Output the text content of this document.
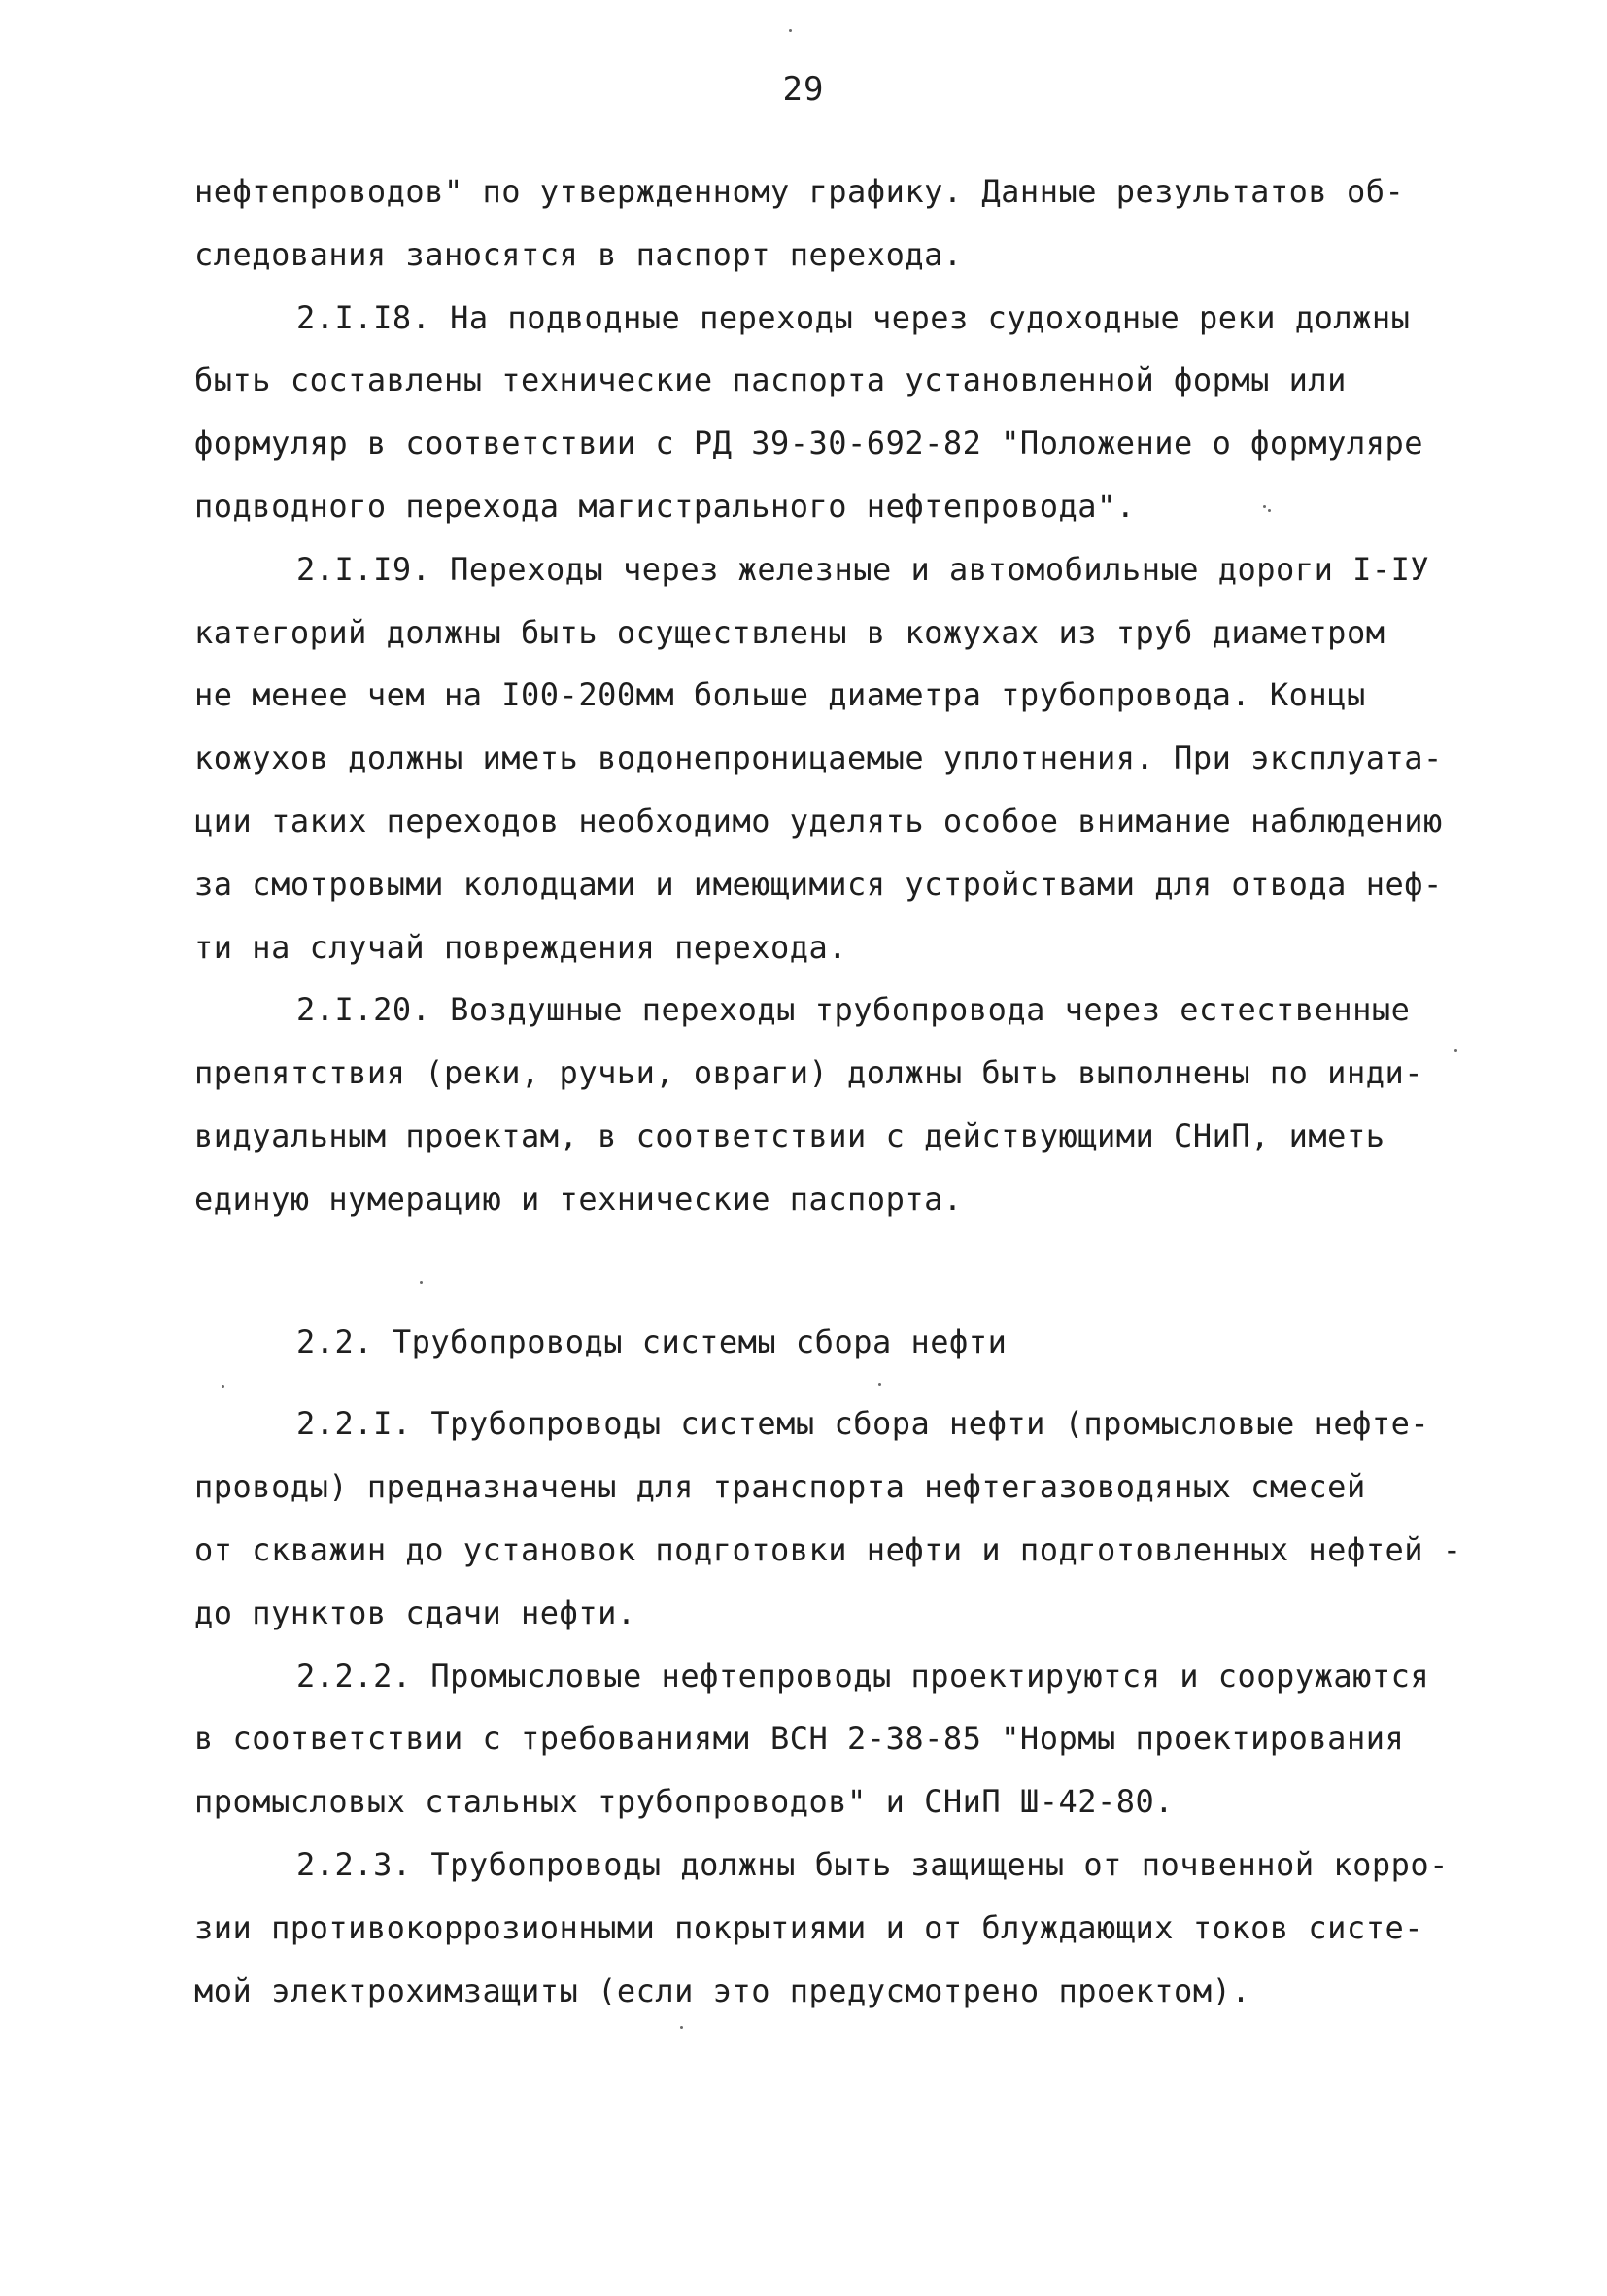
29
нефтепроводов" по утвержденному графику. Данные результатов об-
следования заносятся в паспорт перехода.
2.I.I8. На подводные переходы через судоходные реки должны
быть составлены технические паспорта установленной формы или
формуляр в соответствии с РД 39-30-692-82 "Положение о формуляре
подводного перехода магистрального нефтепровода".
2.I.I9. Переходы через железные и автомобильные дороги I-IУ
категорий должны быть осуществлены в кожухах из труб диаметром
не менее чем на I00-200мм больше диаметра трубопровода. Концы
кожухов должны иметь водонепроницаемые уплотнения. При эксплуата-
ции таких переходов необходимо уделять особое внимание наблюдению
за смотровыми колодцами и имеющимися устройствами для отвода неф-
ти на случай повреждения перехода.
2.I.20. Воздушные переходы трубопровода через естественные
препятствия (реки, ручьи, овраги) должны быть выполнены по инди-
видуальным проектам, в соответствии с действующими СНиП, иметь
единую нумерацию и технические паспорта.
2.2. Трубопроводы системы сбора нефти
2.2.I. Трубопроводы системы сбора нефти (промысловые нефте-
проводы) предназначены для транспорта нефтегазоводяных смесей
от скважин до установок подготовки нефти и подготовленных нефтей -
до пунктов сдачи нефти.
2.2.2. Промысловые нефтепроводы проектируются и сооружаются
в соответствии с требованиями ВСН 2-38-85 "Нормы проектирования
промысловых стальных трубопроводов" и СНиП Ш-42-80.
2.2.3. Трубопроводы должны быть защищены от почвенной корро-
зии противокоррозионными покрытиями и от блуждающих токов систе-
мой электрохимзащиты (если это предусмотрено проектом).
